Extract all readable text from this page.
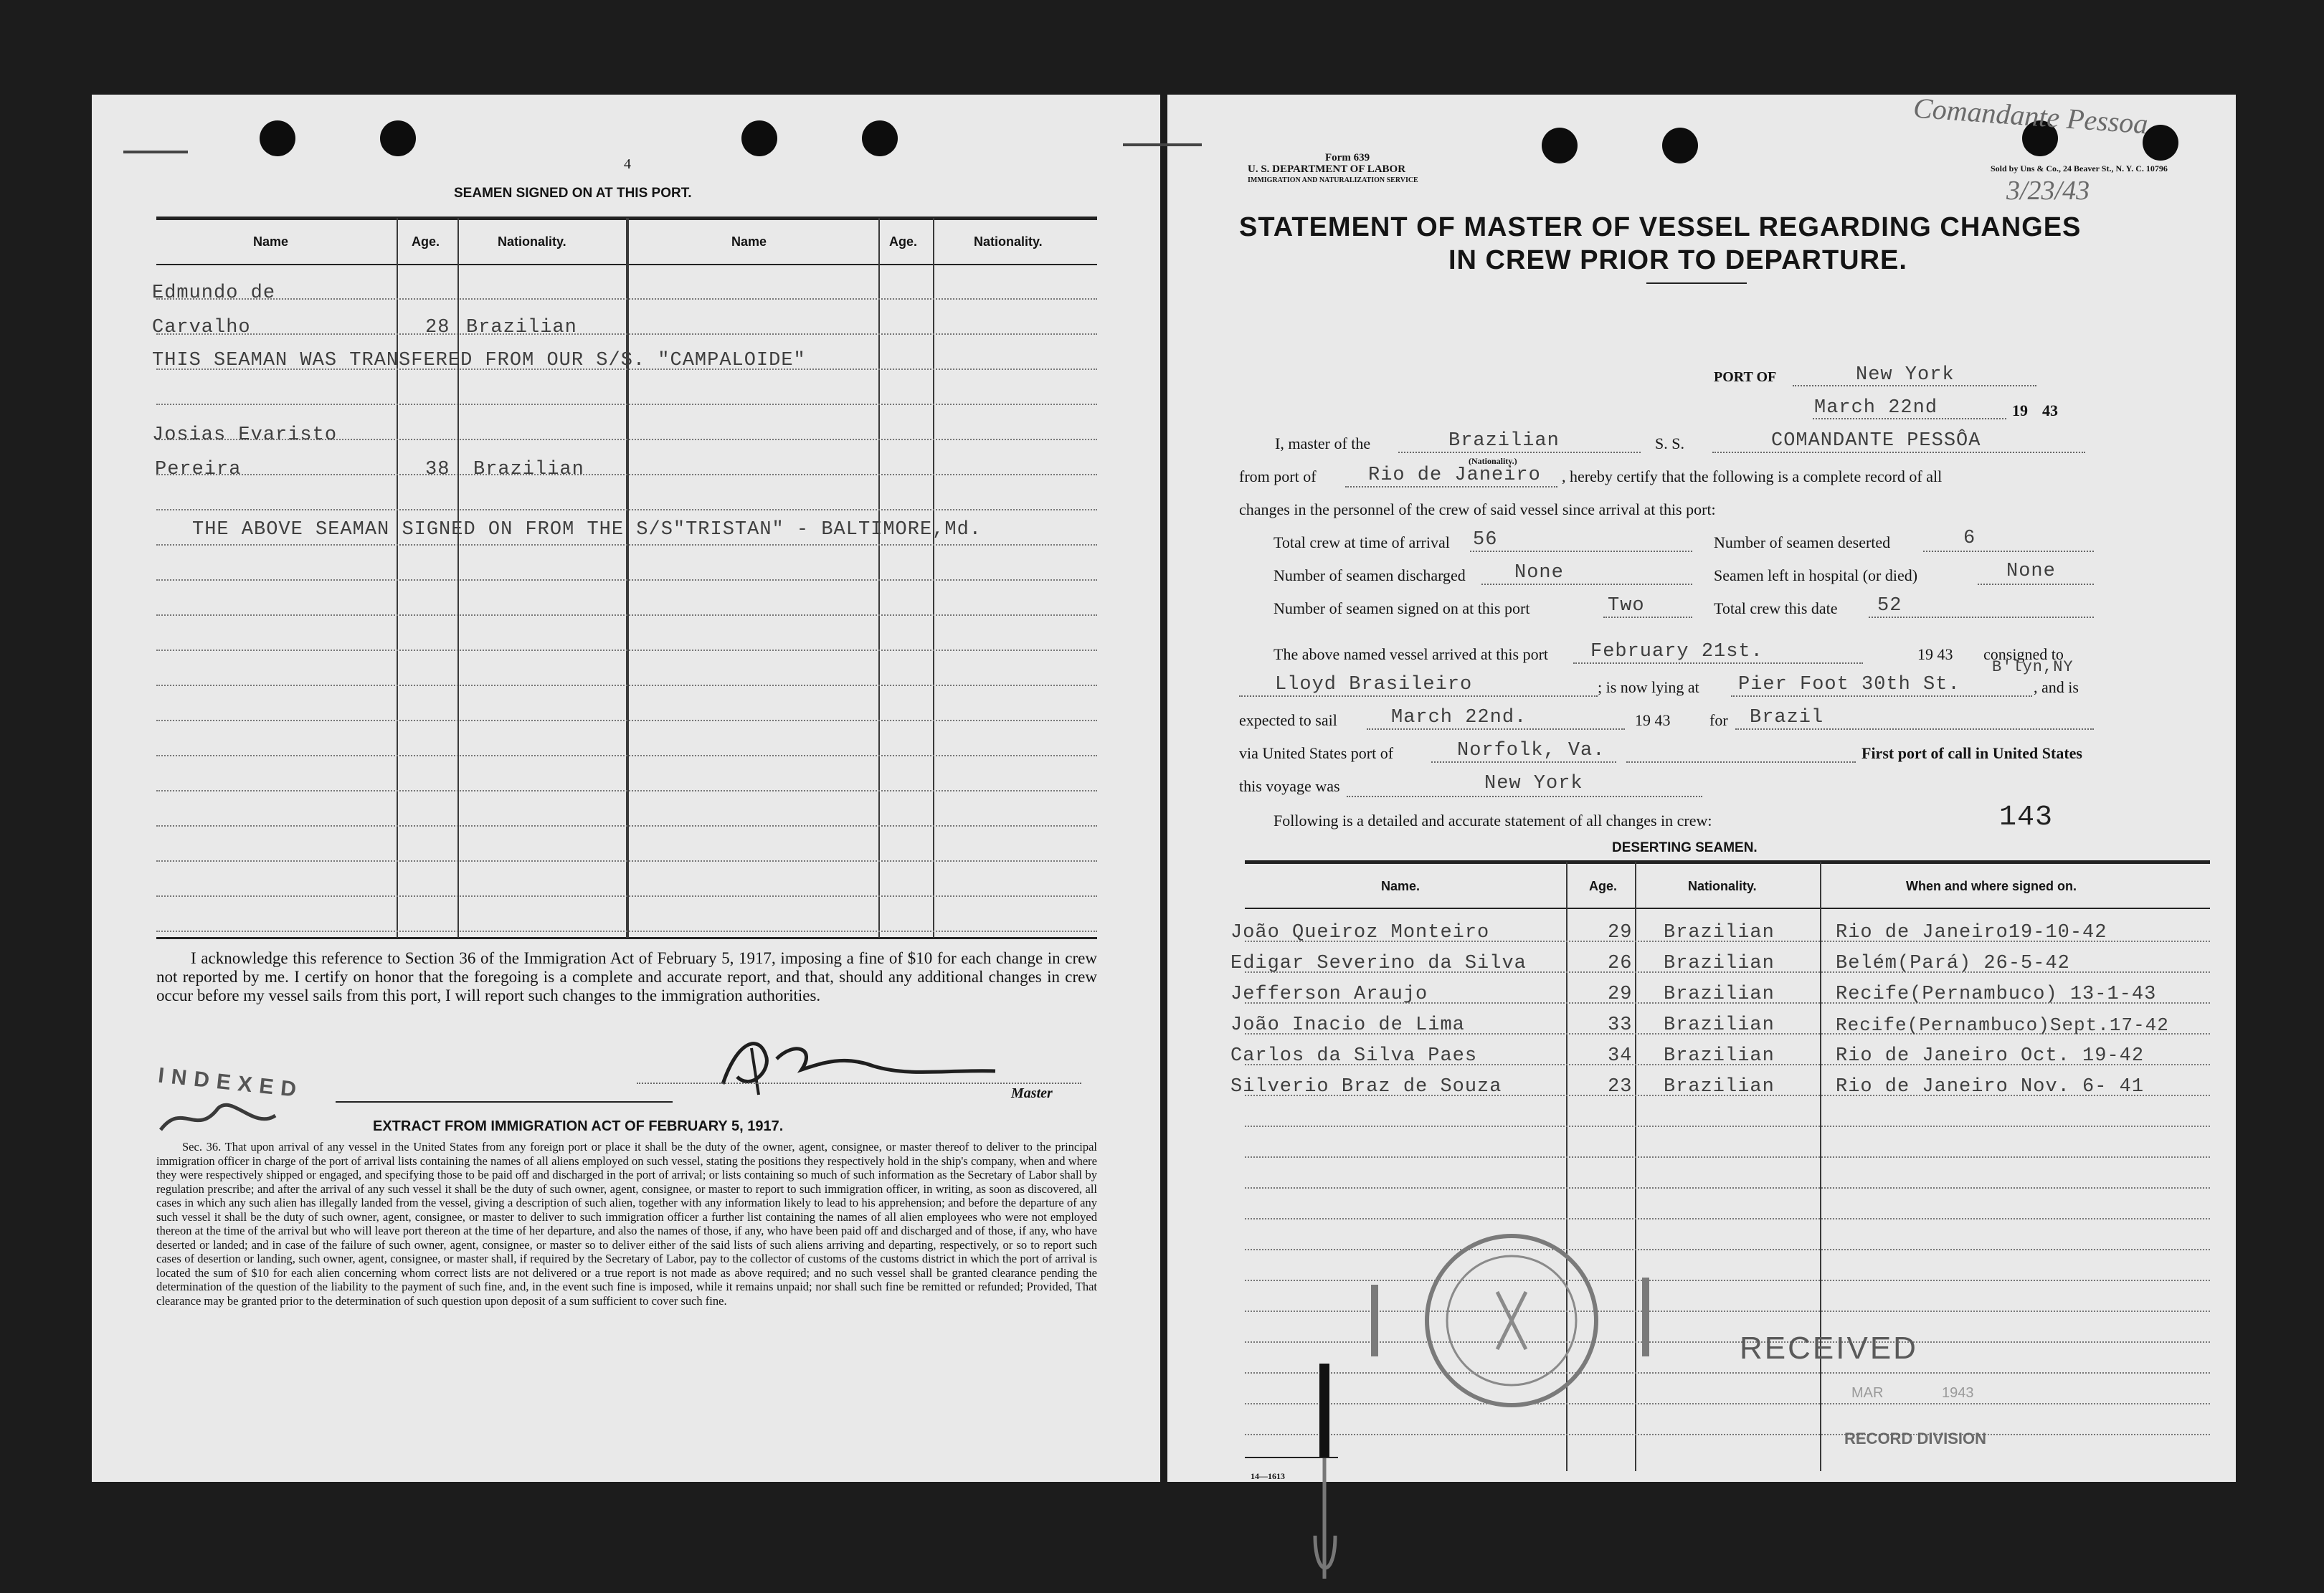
4
SEAMEN SIGNED ON AT THIS PORT.
Name	Age.	Nationality.	Name	Age.	Nationality.
Edmundo de
Carvalho	28 Brazilian
THIS SEAMAN WAS TRANSFERED FROM OUR S/S. "CAMPALOIDE"
Josias Evaristo
Pereira	38 Brazilian
THE ABOVE SEAMAN SIGNED ON FROM THE S/S"TRISTAN" - BALTIMORE,Md.
I acknowledge this reference to Section 36 of the Immigration Act of February 5, 1917, imposing a fine of $10 for each change in crew not reported by me. I certify on honor that the foregoing is a complete and accurate report, and that, should any additional changes in crew occur before my vessel sails from this port, I will report such changes to the immigration authorities.
Master
INDEXED
EXTRACT FROM IMMIGRATION ACT OF FEBRUARY 5, 1917.
Sec. 36. That upon arrival of any vessel in the United States from any foreign port or place it shall be the duty of the owner, agent, consignee, or master thereof to deliver to the principal immigration officer in charge of the port of arrival lists containing the names of all aliens employed on such vessel, stating the positions they respectively hold in the ship's company, when and where they were respectively shipped or engaged, and specifying those to be paid off and discharged in the port of arrival; or lists containing so much of such information as the Secretary of Labor shall by regulation prescribe; and after the arrival of any such vessel it shall be the duty of such owner, agent, consignee, or master to report to such immigration officer, in writing, as soon as discovered, all cases in which any such alien has illegally landed from the vessel, giving a description of such alien, together with any information likely to lead to his apprehension; and before the departure of any such vessel it shall be the duty of such owner, agent, consignee, or master to deliver to such immigration officer a further list containing the names of all alien employees who were not employed thereon at the time of the arrival but who will leave port thereon at the time of her departure, and also the names of those, if any, who have been paid off and discharged and of those, if any, who have deserted or landed; and in case of the failure of such owner, agent, consignee, or master so to deliver either of the said lists of such aliens arriving and departing, respectively, or so to report such cases of desertion or landing, such owner, agent, consignee, or master shall, if required by the Secretary of Labor, pay to the collector of customs of the customs district in which the port of arrival is located the sum of $10 for each alien concerning whom correct lists are not delivered or a true report is not made as above required; and no such vessel shall be granted clearance pending the determination of the question of the liability to the payment of such fine, and, in the event such fine is imposed, while it remains unpaid; nor shall such fine be remitted or refunded; Provided, That clearance may be granted prior to the determination of such question upon deposit of a sum sufficient to cover such fine.
Form 639
U. S. DEPARTMENT OF LABOR
IMMIGRATION AND NATURALIZATION SERVICE
Sold by Uns & Co., 24 Beaver St., N. Y. C. 10796
Comandante Pessoa
3/23/43
STATEMENT OF MASTER OF VESSEL REGARDING CHANGES
IN CREW PRIOR TO DEPARTURE.
PORT OF	New York
March 22nd	19 43
I, master of the	Brazilian
(Nationality.)
S. S.	COMANDANTE PESSÔA
from port of	Rio de Janeiro , hereby certify that the following is a complete record of all
changes in the personnel of the crew of said vessel since arrival at this port:
Total crew at time of arrival 56	Number of seamen deserted	6
Number of seamen discharged	None	Seamen left in hospital (or died)	None
Number of seamen signed on at this port	Two	Total crew this date 52
The above named vessel arrived at this port February 21st.	19 43 consigned to
Lloyd Brasileiro	; is now lying at Pier Foot 30th St.
B'lyn,NY
, and is
expected to sail	March 22nd.	19 43 for Brazil
via United States port of	Norfolk, Va.	First port of call in United States
this voyage was	New York
Following is a detailed and accurate statement of all changes in crew:	143
DESERTING SEAMEN.
Name.	Age.	Nationality.	When and where signed on.
João Queiroz Monteiro	29 Brazilian	Rio de Janeiro19-10-42
Edigar Severino da Silva	26 Brazilian	Belém(Pará) 26-5-42
Jefferson Araujo	29 Brazilian	Recife(Pernambuco) 13-1-43
João Inacio de Lima	33 Brazilian	Recife(Pernambuco)Sept.17-42
Carlos da Silva Paes	34 Brazilian	Rio de Janeiro Oct. 19-42
Silverio Braz de Souza	23 Brazilian	Rio de Janeiro Nov. 6- 41
RECEIVED
MAR	1943
RECORD DIVISION
14—1613
